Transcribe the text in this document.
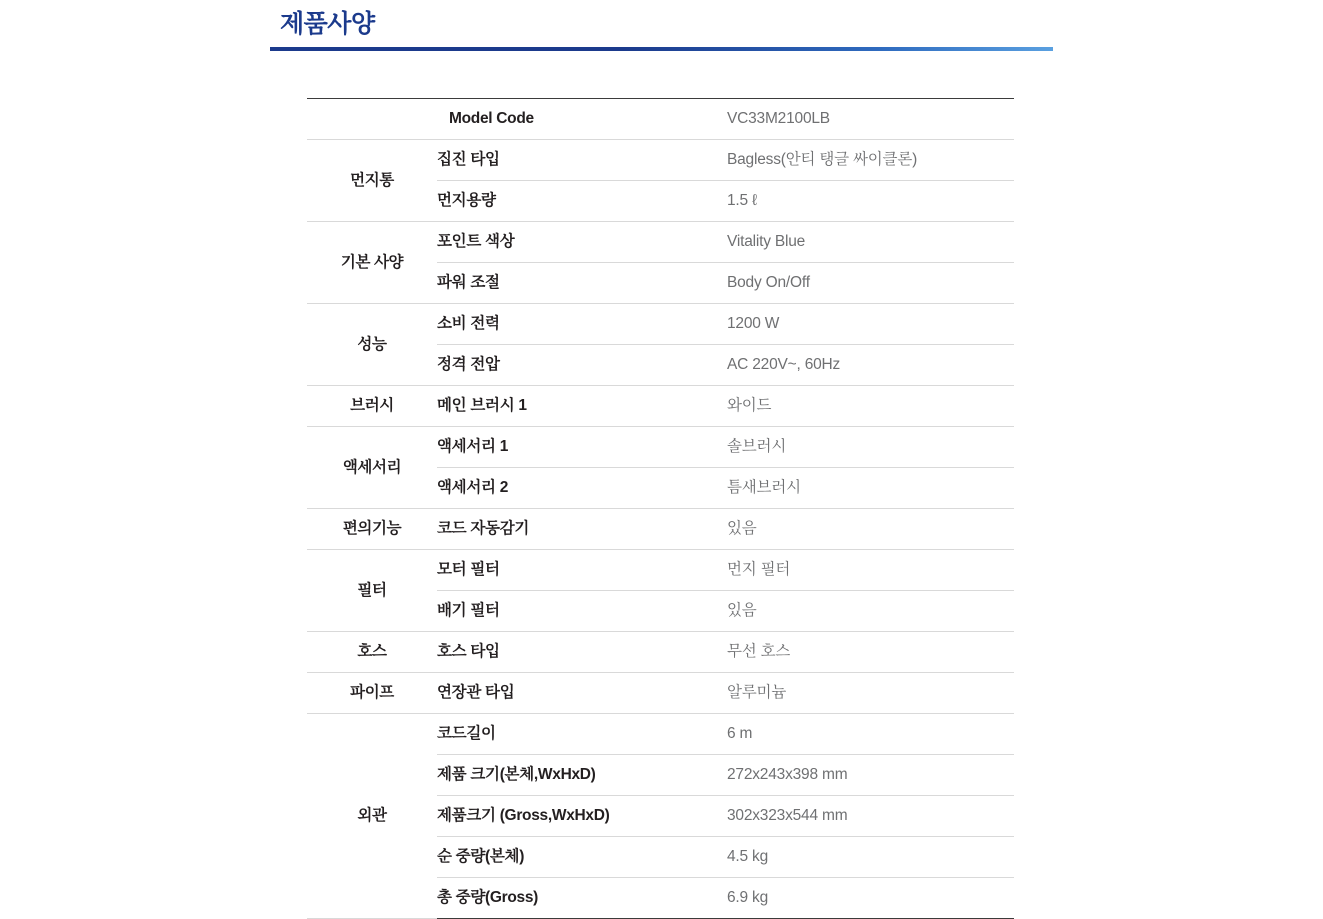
제품사양
	Model Code	VC33M2100LB
먼지통	집진 타입	Bagless(안티 탱글 싸이클론)
	먼지용량	1.5 ℓ
기본 사양	포인트 색상	Vitality Blue
	파워 조절	Body On/Off
성능	소비 전력	1200 W
	정격 전압	AC 220V~, 60Hz
브러시	메인 브러시 1	와이드
액세서리	액세서리 1	솔브러시
	액세서리 2	틈새브러시
편의기능	코드 자동감기	있음
필터	모터 필터	먼지 필터
	배기 필터	있음
호스	호스 타입	무선 호스
파이프	연장관 타입	알루미늄
외관	코드길이	6 m
	제품 크기(본체,WxHxD)	272x243x398 mm
	제품크기 (Gross,WxHxD)	302x323x544 mm
	순 중량(본체)	4.5 kg
	총 중량(Gross)	6.9 kg
